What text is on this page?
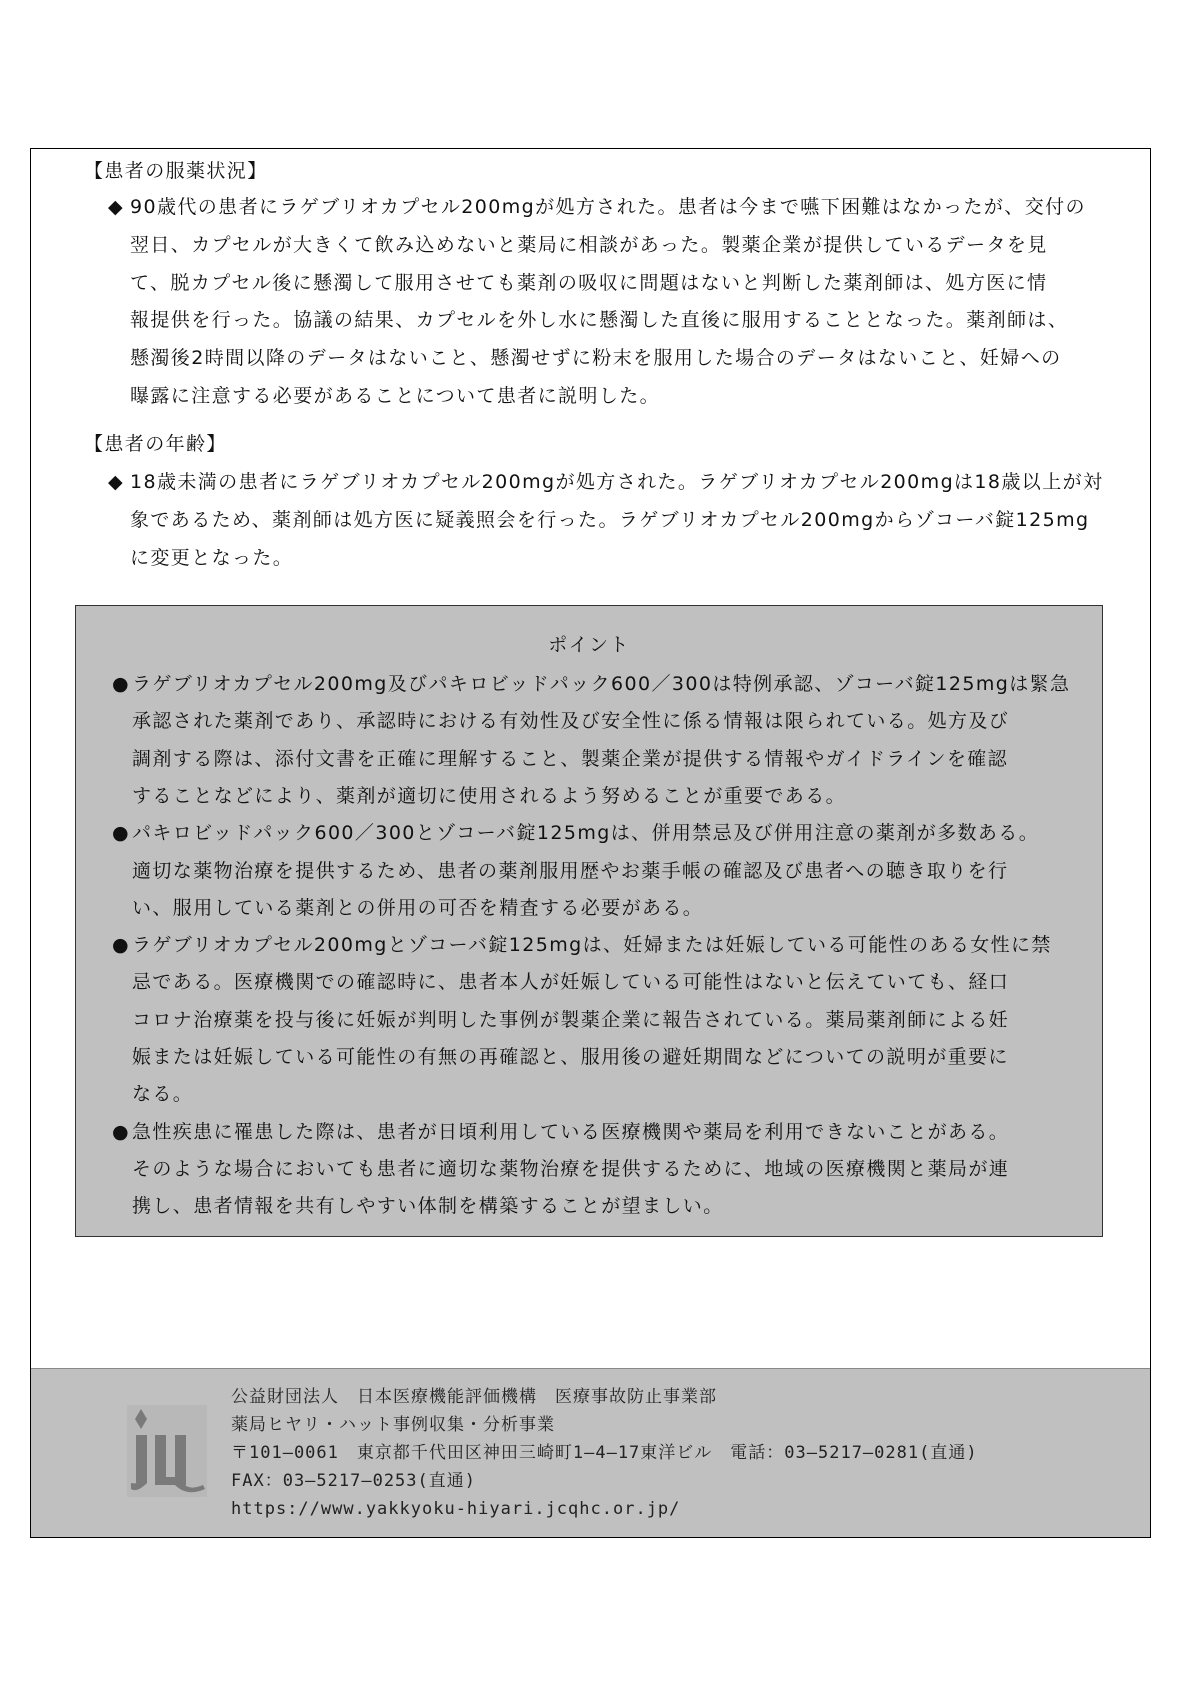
【患者の服薬状況】
◆ 90歳代の患者にラゲブリオカプセル200mgが処方された。患者は今まで嚥下困難はなかったが、交付の
翌日、カプセルが大きくて飲み込めないと薬局に相談があった。製薬企業が提供しているデータを見
て、脱カプセル後に懸濁して服用させても薬剤の吸収に問題はないと判断した薬剤師は、処方医に情
報提供を行った。協議の結果、カプセルを外し水に懸濁した直後に服用することとなった。薬剤師は、
懸濁後2時間以降のデータはないこと、懸濁せずに粉末を服用した場合のデータはないこと、妊婦への
曝露に注意する必要があることについて患者に説明した。
【患者の年齢】
◆ 18歳未満の患者にラゲブリオカプセル200mgが処方された。ラゲブリオカプセル200mgは18歳以上が対
象であるため、薬剤師は処方医に疑義照会を行った。ラゲブリオカプセル200mgからゾコーバ錠125mg
に変更となった。
ポイント
● ラゲブリオカプセル200mg及びパキロビッドパック600／300は特例承認、ゾコーバ錠125mgは緊急
承認された薬剤であり、承認時における有効性及び安全性に係る情報は限られている。処方及び
調剤する際は、添付文書を正確に理解すること、製薬企業が提供する情報やガイドラインを確認
することなどにより、薬剤が適切に使用されるよう努めることが重要である。
● パキロビッドパック600／300とゾコーバ錠125mgは、併用禁忌及び併用注意の薬剤が多数ある。
適切な薬物治療を提供するため、患者の薬剤服用歴やお薬手帳の確認及び患者への聴き取りを行
い、服用している薬剤との併用の可否を精査する必要がある。
● ラゲブリオカプセル200mgとゾコーバ錠125mgは、妊婦または妊娠している可能性のある女性に禁
忌である。医療機関での確認時に、患者本人が妊娠している可能性はないと伝えていても、経口
コロナ治療薬を投与後に妊娠が判明した事例が製薬企業に報告されている。薬局薬剤師による妊
娠または妊娠している可能性の有無の再確認と、服用後の避妊期間などについての説明が重要に
なる。
● 急性疾患に罹患した際は、患者が日頃利用している医療機関や薬局を利用できないことがある。
そのような場合においても患者に適切な薬物治療を提供するために、地域の医療機関と薬局が連
携し、患者情報を共有しやすい体制を構築することが望ましい。
公益財団法人　日本医療機能評価機構　医療事故防止事業部
薬局ヒヤリ・ハット事例収集・分析事業
〒101―0061　東京都千代田区神田三崎町1―4―17東洋ビル　電話：03―5217―0281(直通)
FAX：03―5217―0253(直通)
https://www.yakkyoku-hiyari.jcqhc.or.jp/
